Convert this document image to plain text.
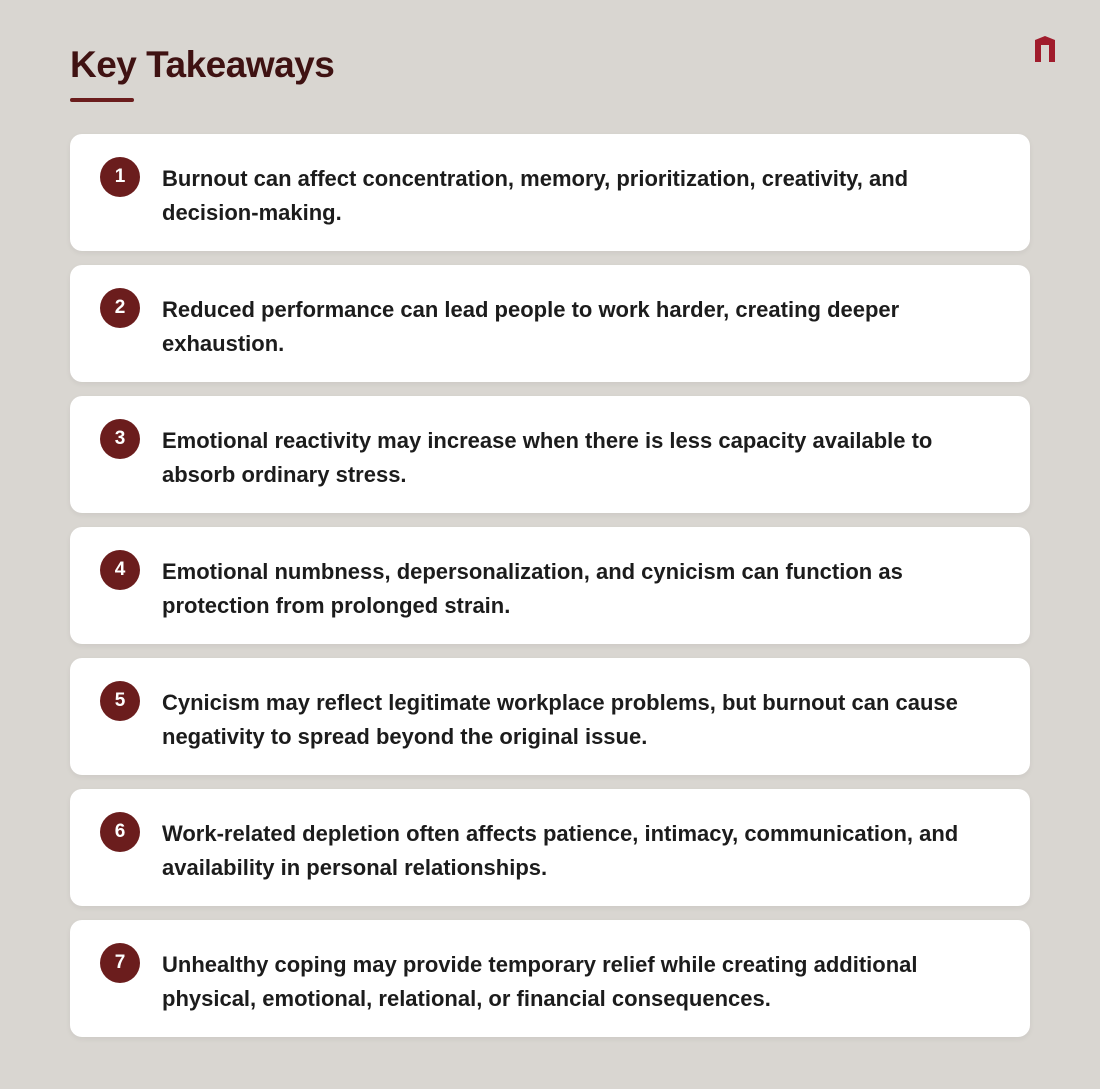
Key Takeaways
1	Burnout can affect concentration, memory, prioritization, creativity, and decision-making.

2	Reduced performance can lead people to work harder, creating deeper exhaustion.

3	Emotional reactivity may increase when there is less capacity available to absorb ordinary stress.

4	Emotional numbness, depersonalization, and cynicism can function as protection from prolonged strain.

5	Cynicism may reflect legitimate workplace problems, but burnout can cause negativity to spread beyond the original issue.

6	Work-related depletion often affects patience, intimacy, communication, and availability in personal relationships.

7	Unhealthy coping may provide temporary relief while creating additional physical, emotional, relational, or financial consequences.
